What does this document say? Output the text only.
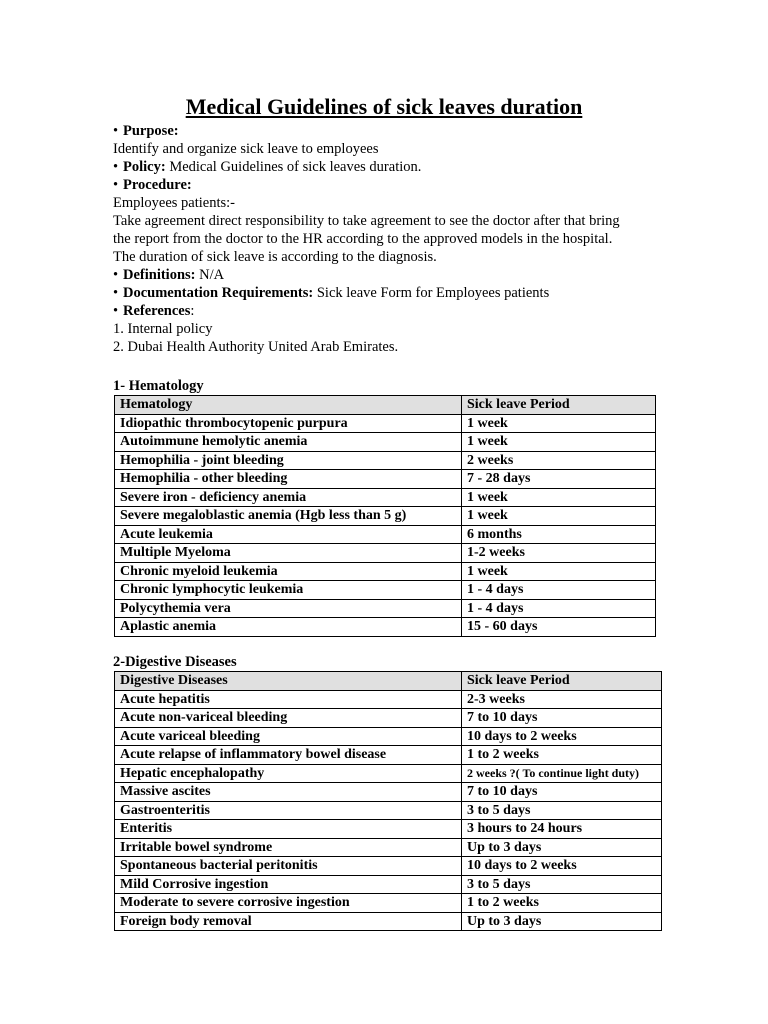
Medical Guidelines of sick leaves duration
• Purpose:
Identify and organize sick leave to employees
• Policy: Medical Guidelines of sick leaves duration.
• Procedure:
Employees patients:-
Take agreement direct responsibility to take agreement to see the doctor after that bring
the report from the doctor to the HR according to the approved models in the hospital.
The duration of sick leave is according to the diagnosis.
• Definitions: N/A
• Documentation Requirements: Sick leave Form for Employees patients
• References:
1. Internal policy
2. Dubai Health Authority United Arab Emirates.
1- Hematology
Hematology	Sick leave Period
Idiopathic thrombocytopenic purpura	1 week
Autoimmune hemolytic anemia	1 week
Hemophilia - joint bleeding	2 weeks
Hemophilia - other bleeding	7 - 28 days
Severe iron - deficiency anemia	1 week
Severe megaloblastic anemia (Hgb less than 5 g)	1 week
Acute leukemia	6 months
Multiple Myeloma	1-2 weeks
Chronic myeloid leukemia	1 week
Chronic lymphocytic leukemia	1 - 4 days
Polycythemia vera	1 - 4 days
Aplastic anemia	15 - 60 days
2-Digestive Diseases
Digestive Diseases	Sick leave Period
Acute hepatitis	2-3 weeks
Acute non-variceal bleeding	7 to 10 days
Acute variceal bleeding	10 days to 2 weeks
Acute relapse of inflammatory bowel disease	1 to 2 weeks
Hepatic encephalopathy	2 weeks ?( To continue light duty)
Massive ascites	7 to 10 days
Gastroenteritis	3 to 5 days
Enteritis	3 hours to 24 hours
Irritable bowel syndrome	Up to 3 days
Spontaneous bacterial peritonitis	10 days to 2 weeks
Mild Corrosive ingestion	3 to 5 days
Moderate to severe corrosive ingestion	1 to 2 weeks
Foreign body removal	Up to 3 days
